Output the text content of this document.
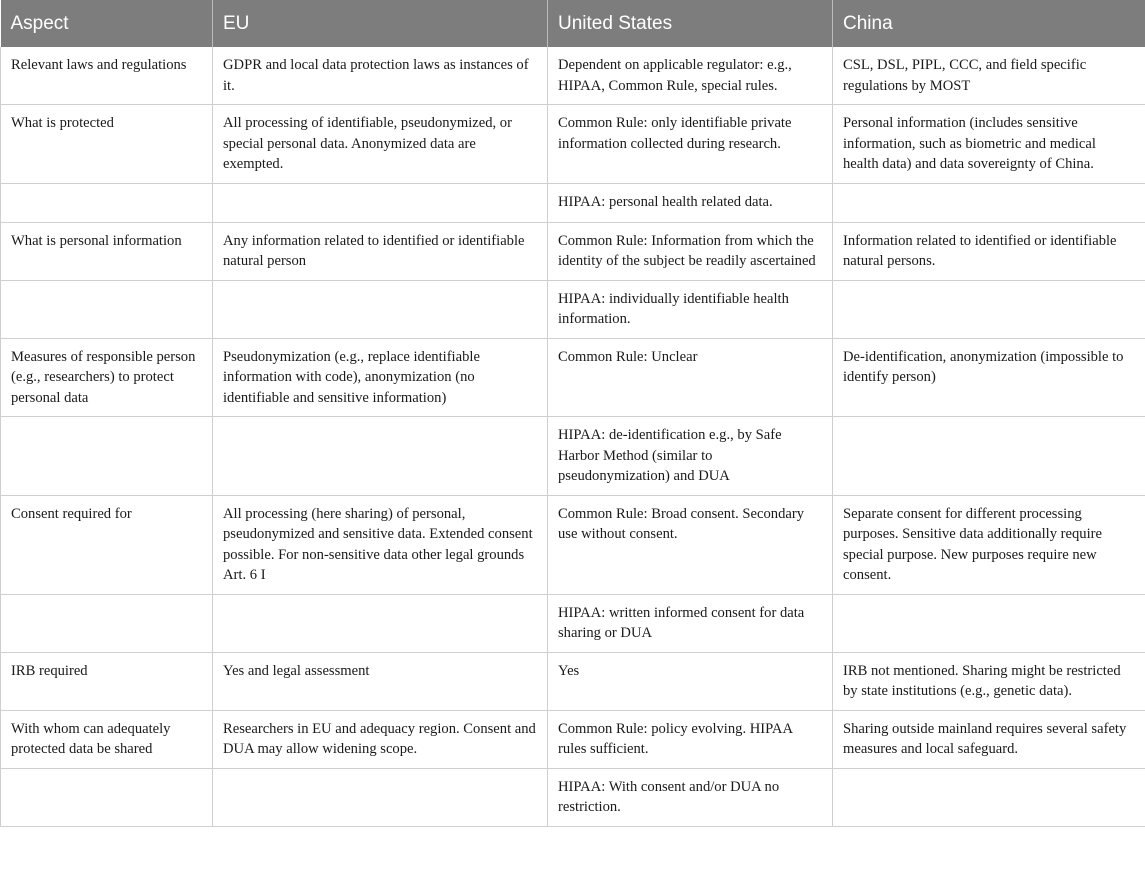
Aspect	EU	United States	China
Relevant laws and regulations	GDPR and local data protection laws as instances of it.	Dependent on applicable regulator: e.g., HIPAA, Common Rule, special rules.	CSL, DSL, PIPL, CCC, and field specific regulations by MOST
What is protected	All processing of identifiable, pseudonymized, or special personal data. Anonymized data are exempted.	Common Rule: only identifiable private information collected during research.	Personal information (includes sensitive information, such as biometric and medical health data) and data sovereignty of China.
		HIPAA: personal health related data.	
What is personal information	Any information related to identified or identifiable natural person	Common Rule: Information from which the identity of the subject be readily ascertained	Information related to identified or identifiable natural persons.
		HIPAA: individually identifiable health information.	
Measures of responsible person (e.g., researchers) to protect personal data	Pseudonymization (e.g., replace identifiable information with code), anonymization (no identifiable and sensitive information)	Common Rule: Unclear	De-identification, anonymization (impossible to identify person)
		HIPAA: de-identification e.g., by Safe Harbor Method (similar to pseudonymization) and DUA	
Consent required for	All processing (here sharing) of personal, pseudonymized and sensitive data. Extended consent possible. For non-sensitive data other legal grounds Art. 6 I	Common Rule: Broad consent. Secondary use without consent.	Separate consent for different processing purposes. Sensitive data additionally require special purpose. New purposes require new consent.
		HIPAA: written informed consent for data sharing or DUA	
IRB required	Yes and legal assessment	Yes	IRB not mentioned. Sharing might be restricted by state institutions (e.g., genetic data).
With whom can adequately protected data be shared	Researchers in EU and adequacy region. Consent and DUA may allow widening scope.	Common Rule: policy evolving. HIPAA rules sufficient.	Sharing outside mainland requires several safety measures and local safeguard.
		HIPAA: With consent and/or DUA no restriction.	
